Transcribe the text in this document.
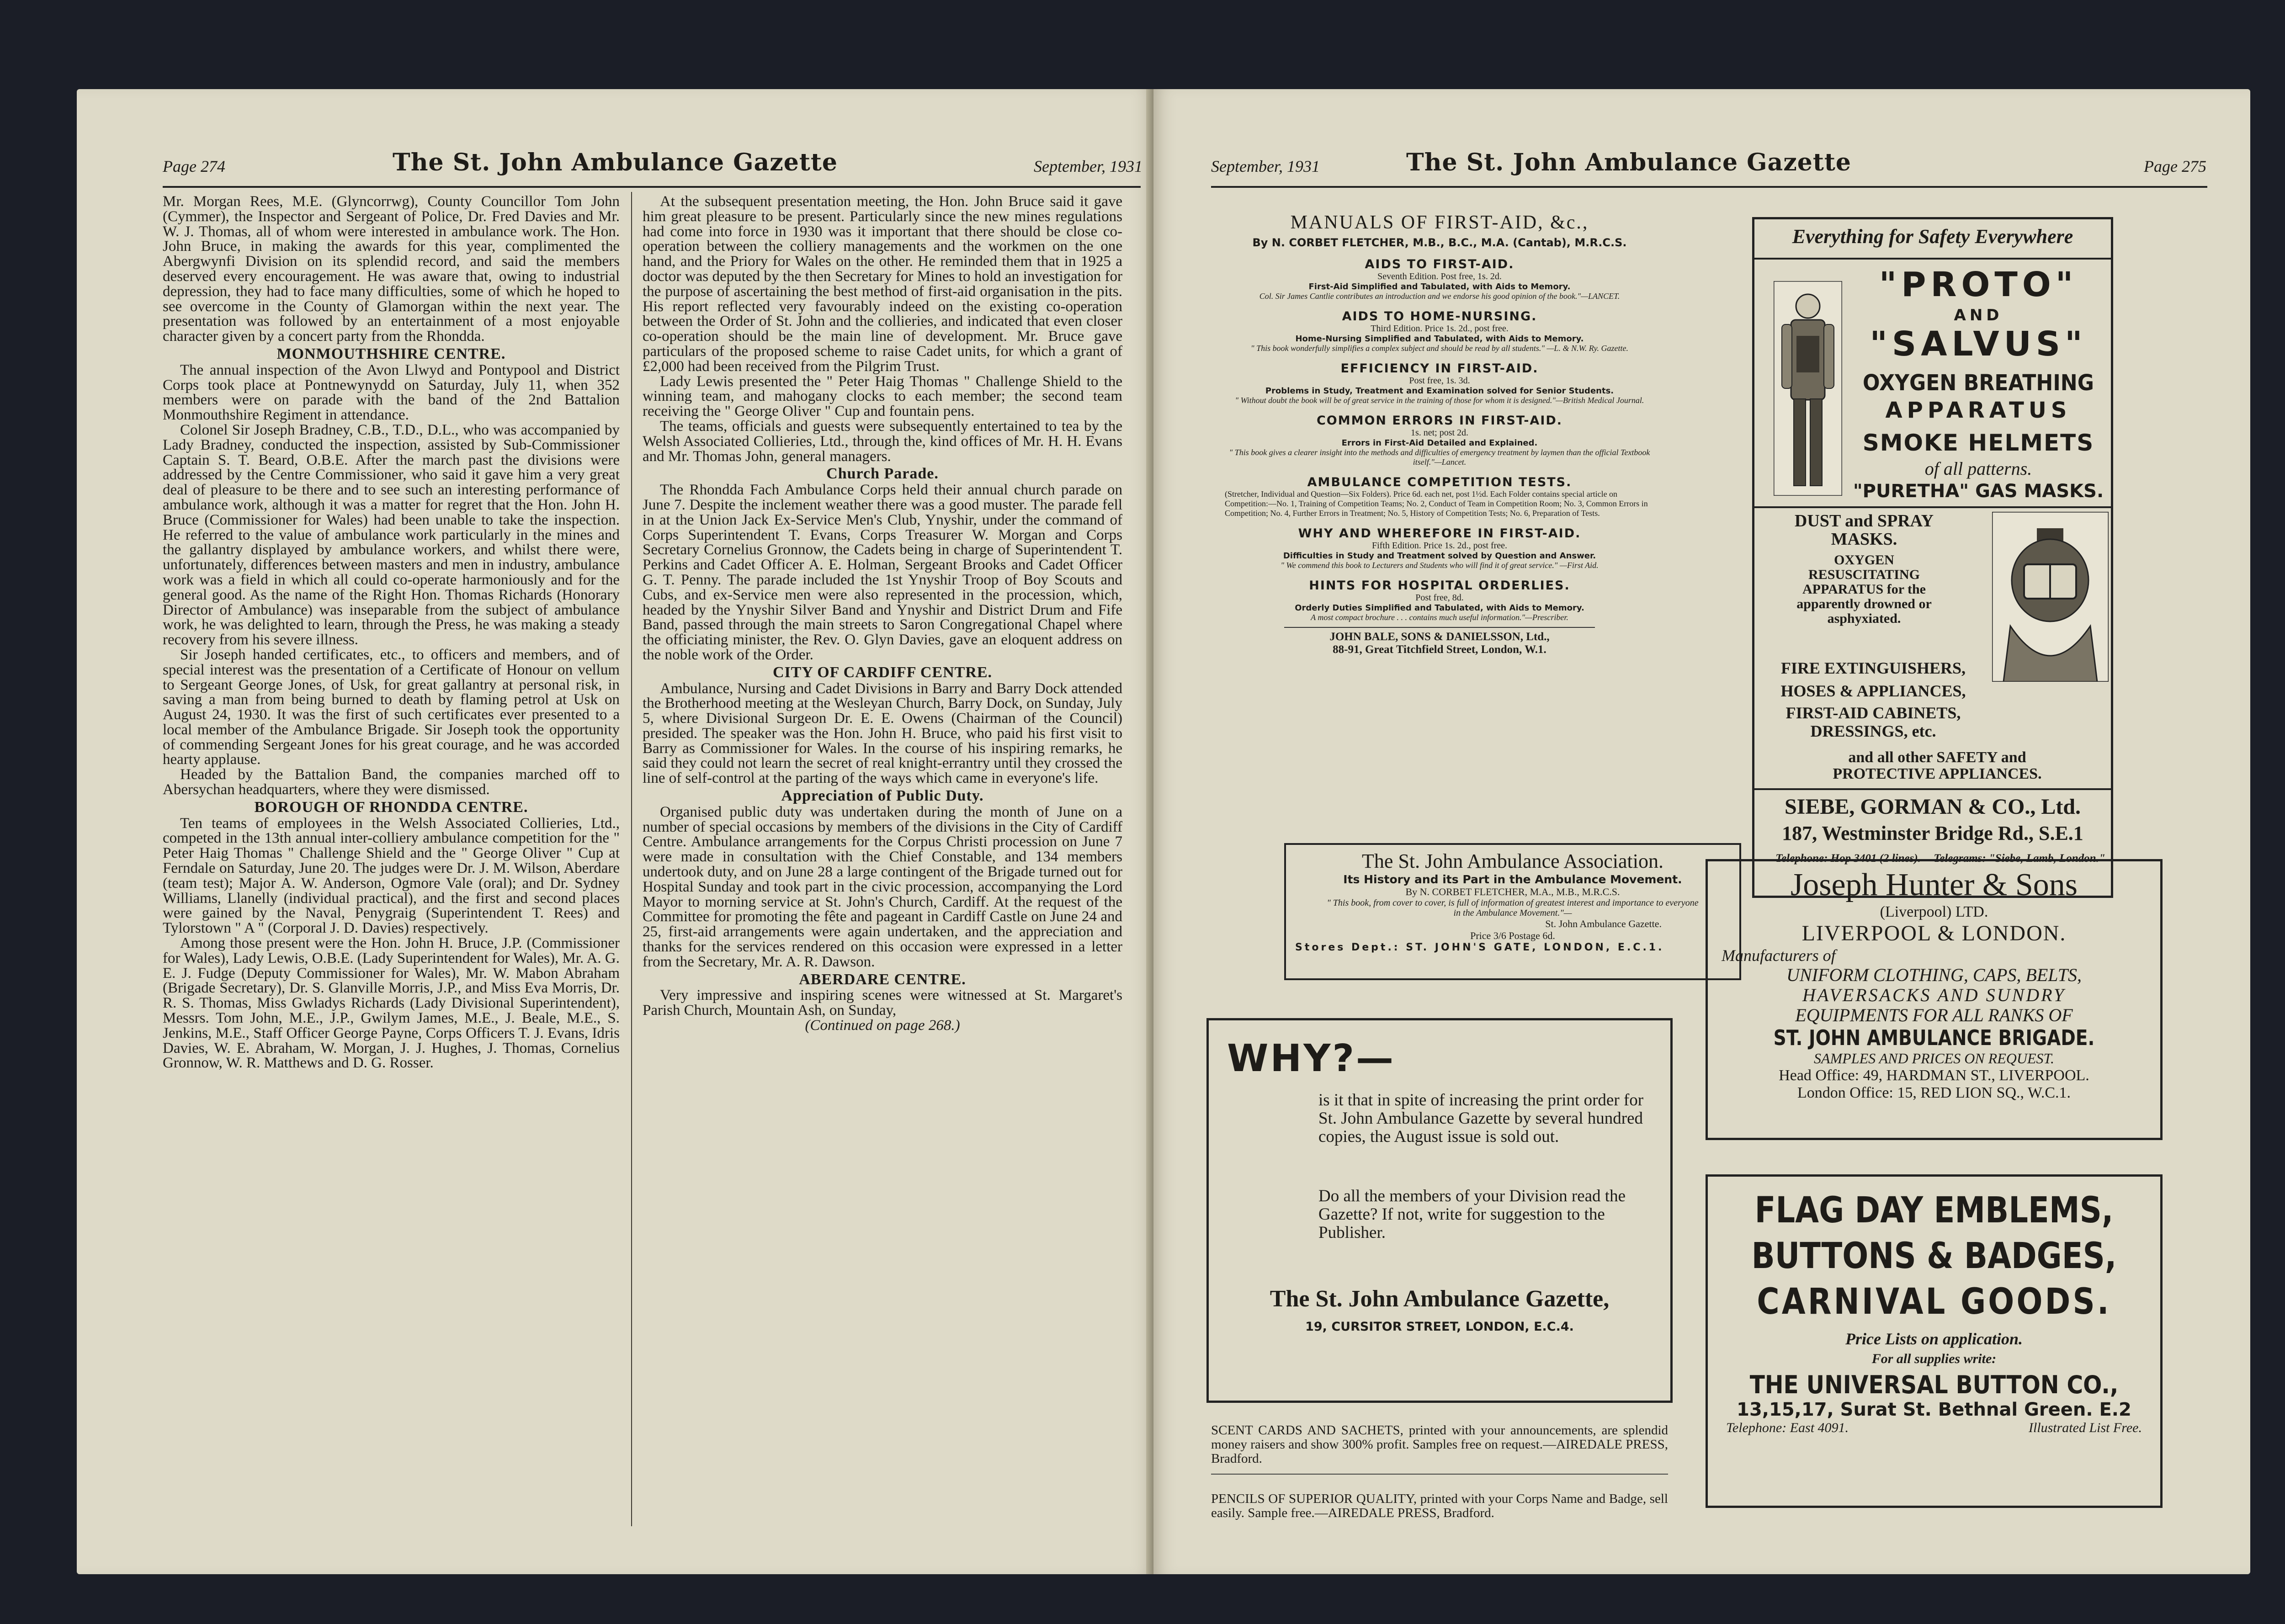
Page 274	The St. John Ambulance Gazette	September, 1931

Mr. Morgan Rees, M.E. (Glyncorrwg), County Councillor Tom John (Cymmer), the Inspector and Sergeant of Police, Dr. Fred Davies and Mr. W. J. Thomas, all of whom were interested in ambulance work. The Hon. John Bruce, in making the awards for this year, complimented the Abergwynfi Division on its splendid record, and said the members deserved every encouragement. He was aware that, owing to industrial depression, they had to face many difficulties, some of which he hoped to see overcome in the County of Glamorgan within the next year. The presentation was followed by an entertainment of a most enjoyable character given by a concert party from the Rhondda.

MONMOUTHSHIRE CENTRE.

The annual inspection of the Avon Llwyd and Pontypool and District Corps took place at Pontnewynydd on Saturday, July 11, when 352 members were on parade with the band of the 2nd Battalion Monmouthshire Regiment in attendance.

Colonel Sir Joseph Bradney, C.B., T.D., D.L., who was accompanied by Lady Bradney, conducted the inspection, assisted by Sub-Commissioner Captain S. T. Beard, O.B.E. After the march past the divisions were addressed by the Centre Commissioner, who said it gave him a very great deal of pleasure to be there and to see such an interesting performance of ambulance work, although it was a matter for regret that the Hon. John H. Bruce (Commissioner for Wales) had been unable to take the inspection. He referred to the value of ambulance work particularly in the mines and the gallantry displayed by ambulance workers, and whilst there were, unfortunately, differences between masters and men in industry, ambulance work was a field in which all could co-operate harmoniously and for the general good. As the name of the Right Hon. Thomas Richards (Honorary Director of Ambulance) was inseparable from the subject of ambulance work, he was delighted to learn, through the Press, he was making a steady recovery from his severe illness.

Sir Joseph handed certificates, etc., to officers and members, and of special interest was the presentation of a Certificate of Honour on vellum to Sergeant George Jones, of Usk, for great gallantry at personal risk, in saving a man from being burned to death by flaming petrol at Usk on August 24, 1930. It was the first of such certificates ever presented to a local member of the Ambulance Brigade. Sir Joseph took the opportunity of commending Sergeant Jones for his great courage, and he was accorded hearty applause.

Headed by the Battalion Band, the companies marched off to Abersychan headquarters, where they were dismissed.

BOROUGH OF RHONDDA CENTRE.

Ten teams of employees in the Welsh Associated Collieries, Ltd., competed in the 13th annual inter-colliery ambulance competition for the " Peter Haig Thomas " Challenge Shield and the " George Oliver " Cup at Ferndale on Saturday, June 20. The judges were Dr. J. M. Wilson, Aberdare (team test); Major A. W. Anderson, Ogmore Vale (oral); and Dr. Sydney Williams, Llanelly (individual practical), and the first and second places were gained by the Naval, Penygraig (Superintendent T. Rees) and Tylorstown " A " (Corporal J. D. Davies) respectively.

Among those present were the Hon. John H. Bruce, J.P. (Commissioner for Wales), Lady Lewis, O.B.E. (Lady Superintendent for Wales), Mr. A. G. E. J. Fudge (Deputy Commissioner for Wales), Mr. W. Mabon Abraham (Brigade Secretary), Dr. S. Glanville Morris, J.P., and Miss Eva Morris, Dr. R. S. Thomas, Miss Gwladys Richards (Lady Divisional Superintendent), Messrs. Tom John, M.E., J.P., Gwilym James, M.E., J. Beale, M.E., S. Jenkins, M.E., Staff Officer George Payne, Corps Officers T. J. Evans, Idris Davies, W. E. Abraham, W. Morgan, J. J. Hughes, J. Thomas, Cornelius Gronnow, W. R. Matthews and D. G. Rosser.

At the subsequent presentation meeting, the Hon. John Bruce said it gave him great pleasure to be present. Particularly since the new mines regulations had come into force in 1930 was it important that there should be close co-operation between the colliery managements and the workmen on the one hand, and the Priory for Wales on the other. He reminded them that in 1925 a doctor was deputed by the then Secretary for Mines to hold an investigation for the purpose of ascertaining the best method of first-aid organisation in the pits. His report reflected very favourably indeed on the existing co-operation between the Order of St. John and the collieries, and indicated that even closer co-operation should be the main line of development. Mr. Bruce gave particulars of the proposed scheme to raise Cadet units, for which a grant of £2,000 had been received from the Pilgrim Trust.

Lady Lewis presented the " Peter Haig Thomas " Challenge Shield to the winning team, and mahogany clocks to each member; the second team receiving the " George Oliver " Cup and fountain pens.

The teams, officials and guests were subsequently entertained to tea by the Welsh Associated Collieries, Ltd., through the, kind offices of Mr. H. H. Evans and Mr. Thomas John, general managers.

Church Parade.

The Rhondda Fach Ambulance Corps held their annual church parade on June 7. Despite the inclement weather there was a good muster. The parade fell in at the Union Jack Ex-Service Men's Club, Ynyshir, under the command of Corps Superintendent T. Evans, Corps Treasurer W. Morgan and Corps Secretary Cornelius Gronnow, the Cadets being in charge of Superintendent T. Perkins and Cadet Officer A. E. Holman, Sergeant Brooks and Cadet Officer G. T. Penny. The parade included the 1st Ynyshir Troop of Boy Scouts and Cubs, and ex-Service men were also represented in the procession, which, headed by the Ynyshir Silver Band and Ynyshir and District Drum and Fife Band, passed through the main streets to Saron Congregational Chapel where the officiating minister, the Rev. O. Glyn Davies, gave an eloquent address on the noble work of the Order.

CITY OF CARDIFF CENTRE.

Ambulance, Nursing and Cadet Divisions in Barry and Barry Dock attended the Brotherhood meeting at the Wesleyan Church, Barry Dock, on Sunday, July 5, where Divisional Surgeon Dr. E. E. Owens (Chairman of the Council) presided. The speaker was the Hon. John H. Bruce, who paid his first visit to Barry as Commissioner for Wales. In the course of his inspiring remarks, he said they could not learn the secret of real knight-errantry until they crossed the line of self-control at the parting of the ways which came in everyone's life.

Appreciation of Public Duty.

Organised public duty was undertaken during the month of June on a number of special occasions by members of the divisions in the City of Cardiff Centre. Ambulance arrangements for the Corpus Christi procession on June 7 were made in consultation with the Chief Constable, and 134 members undertook duty, and on June 28 a large contingent of the Brigade turned out for Hospital Sunday and took part in the civic procession, accompanying the Lord Mayor to morning service at St. John's Church, Cardiff. At the request of the Committee for promoting the fête and pageant in Cardiff Castle on June 24 and 25, first-aid arrangements were again undertaken, and the appreciation and thanks for the services rendered on this occasion were expressed in a letter from the Secretary, Mr. A. R. Dawson.

ABERDARE CENTRE.

Very impressive and inspiring scenes were witnessed at St. Margaret's Parish Church, Mountain Ash, on Sunday,

(Continued on page 268.)

September, 1931	The St. John Ambulance Gazette	Page 275
MANUALS OF FIRST-AID, &c.,
By N. CORBET FLETCHER, M.B., B.C., M.A. (Cantab), M.R.C.S.
AIDS TO FIRST-AID.
Seventh Edition. Post free, 1s. 2d.
First-Aid Simplified and Tabulated, with Aids to Memory.
Col. Sir James Cantlie contributes an introduction and we endorse his good opinion of the book."—LANCET.
AIDS TO HOME-NURSING.
Third Edition. Price 1s. 2d., post free.
Home-Nursing Simplified and Tabulated, with Aids to Memory.
" This book wonderfully simplifies a complex subject and should be read by all students." —L. & N.W. Ry. Gazette.
EFFICIENCY IN FIRST-AID.
Post free, 1s. 3d.
Problems in Study, Treatment and Examination solved for Senior Students.
" Without doubt the book will be of great service in the training of those for whom it is designed."—British Medical Journal.
COMMON ERRORS IN FIRST-AID.
1s. net; post 2d.
Errors in First-Aid Detailed and Explained.
" This book gives a clearer insight into the methods and difficulties of emergency treatment by laymen than the official Textbook itself."—Lancet.
AMBULANCE COMPETITION TESTS.
(Stretcher, Individual and Question—Six Folders). Price 6d. each net, post 1½d. Each Folder contains special article on Competition:—No. 1, Training of Competition Teams; No. 2, Conduct of Team in Competition Room; No. 3, Common Errors in Competition; No. 4, Further Errors in Treatment; No. 5, History of Competition Tests; No. 6, Preparation of Tests.
WHY AND WHEREFORE IN FIRST-AID.
Fifth Edition. Price 1s. 2d., post free.
Difficulties in Study and Treatment solved by Question and Answer.
" We commend this book to Lecturers and Students who will find it of great service." —First Aid.
HINTS FOR HOSPITAL ORDERLIES.
Post free, 8d.
Orderly Duties Simplified and Tabulated, with Aids to Memory.
A most compact brochure . . . contains much useful information."—Prescriber.
JOHN BALE, SONS & DANIELSSON, Ltd.,
88-91, Great Titchfield Street, London, W.1.
The St. John Ambulance Association.
Its History and its Part in the Ambulance Movement.
By N. CORBET FLETCHER, M.A., M.B., M.R.C.S.
" This book, from cover to cover, is full of information of greatest interest and importance to everyone in the Ambulance Movement."—
St. John Ambulance Gazette.
Price 3/6 Postage 6d.
Stores Dept.: ST. JOHN'S GATE, LONDON, E.C.1.
WHY?—
is it that in spite of increasing the print order for St. John Ambulance Gazette by several hundred copies, the August issue is sold out.
Do all the members of your Division read the Gazette? If not, write for suggestion to the Publisher.
The St. John Ambulance Gazette,
19, CURSITOR STREET, LONDON, E.C.4.
SCENT CARDS AND SACHETS, printed with your announcements, are splendid money raisers and show 300% profit. Samples free on request.—AIREDALE PRESS, Bradford.
PENCILS OF SUPERIOR QUALITY, printed with your Corps Name and Badge, sell easily. Sample free.—AIREDALE PRESS, Bradford.
Everything for Safety Everywhere
"PROTO"
AND
"SALVUS"
OXYGEN BREATHING
APPARATUS
SMOKE HELMETS
of all patterns.
"PURETHA" GAS MASKS.
DUST and SPRAY MASKS.
OXYGEN RESUSCITATING APPARATUS for the apparently drowned or asphyxiated.
FIRE EXTINGUISHERS,
HOSES & APPLIANCES,
FIRST-AID CABINETS, DRESSINGS, etc.
and all other SAFETY and PROTECTIVE APPLIANCES.
SIEBE, GORMAN & CO., Ltd.
187, Westminster Bridge Rd., S.E.1
Telephone: Hop 3401 (2 lines). Telegrams: "Siebe, Lamb, London."
Joseph Hunter & Sons
(Liverpool) LTD.
LIVERPOOL & LONDON.
Manufacturers of
UNIFORM CLOTHING, CAPS, BELTS,
HAVERSACKS AND SUNDRY
EQUIPMENTS FOR ALL RANKS OF
ST. JOHN AMBULANCE BRIGADE.
SAMPLES AND PRICES ON REQUEST.
Head Office: 49, HARDMAN ST., LIVERPOOL.
London Office: 15, RED LION SQ., W.C.1.
FLAG DAY EMBLEMS,
BUTTONS & BADGES,
CARNIVAL GOODS.
Price Lists on application.
For all supplies write:
THE UNIVERSAL BUTTON CO.,
13,15,17, Surat St. Bethnal Green. E.2
Telephone: East 4091.	Illustrated List Free.
